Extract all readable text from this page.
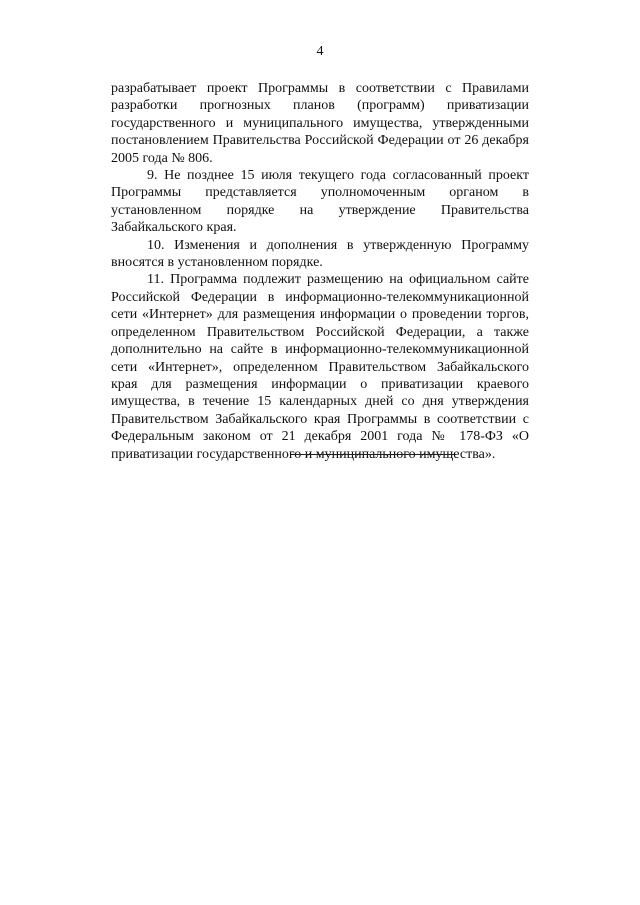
4

разрабатывает проект Программы в соответствии с Правилами разработки прогнозных планов (программ) приватизации государственного и муниципального имущества, утвержденными постановлением Правительства Российской Федерации от 26 декабря 2005 года № 806.

9. Не позднее 15 июля текущего года согласованный проект Программы представляется уполномоченным органом в установленном порядке на утверждение Правительства Забайкальского края.

10. Изменения и дополнения в утвержденную Программу вносятся в установленном порядке.

11. Программа подлежит размещению на официальном сайте Российской Федерации в информационно-телекоммуникационной сети «Интернет» для размещения информации о проведении торгов, определенном Правительством Российской Федерации, а также дополнительно на сайте в информационно-телекоммуникационной сети «Интернет», определенном Правительством Забайкальского края для размещения информации о приватизации краевого имущества, в течение 15 календарных дней со дня утверждения Правительством Забайкальского края Программы в соответствии с Федеральным законом от 21 декабря 2001 года № 178-ФЗ «О приватизации государственного и муниципального имущества».
